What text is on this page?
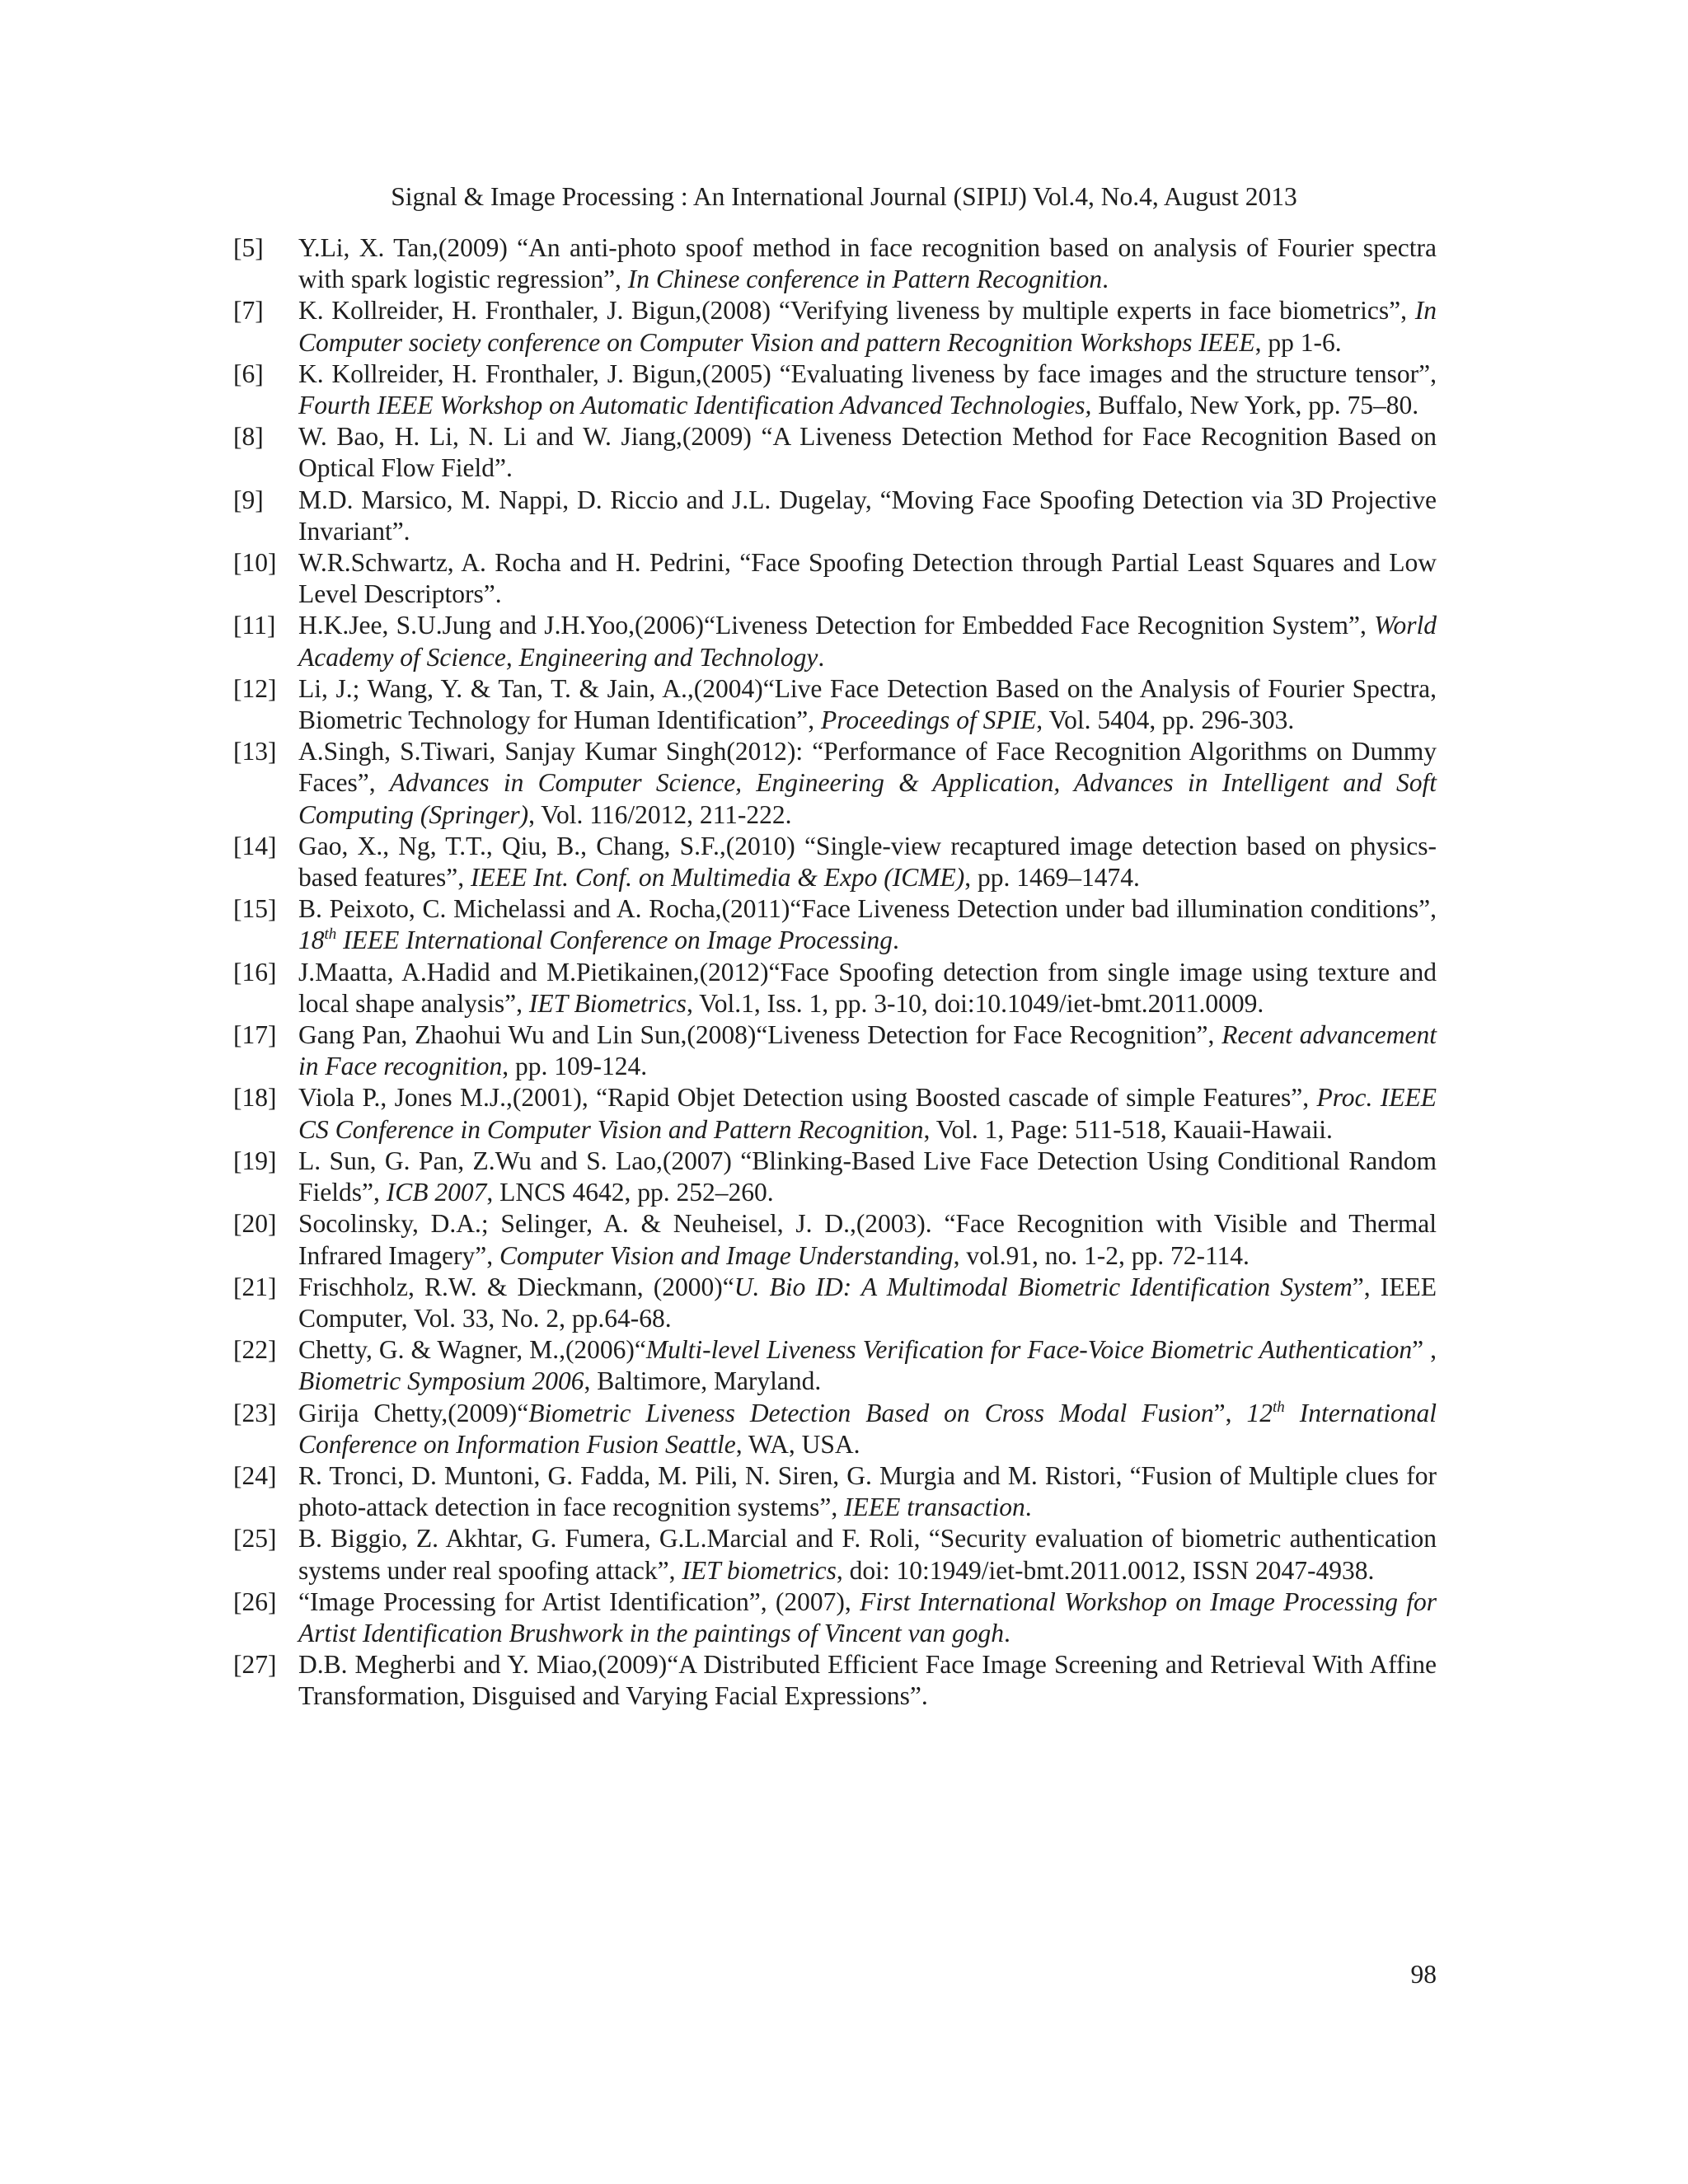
Signal & Image Processing : An International Journal (SIPIJ) Vol.4, No.4, August 2013
[5]	Y.Li, X. Tan,(2009) “An anti-photo spoof method in face recognition based on analysis of Fourier spectra with spark logistic regression”, In Chinese conference in Pattern Recognition.
[7]	K. Kollreider, H. Fronthaler, J. Bigun,(2008) “Verifying liveness by multiple experts in face biometrics”, In Computer society conference on Computer Vision and pattern Recognition Workshops IEEE, pp 1-6.
[6]	K. Kollreider, H. Fronthaler, J. Bigun,(2005) “Evaluating liveness by face images and the structure tensor”, Fourth IEEE Workshop on Automatic Identification Advanced Technologies, Buffalo, New York, pp. 75–80.
[8]	W. Bao, H. Li, N. Li and W. Jiang,(2009) “A Liveness Detection Method for Face Recognition Based on Optical Flow Field”.
[9]	M.D. Marsico, M. Nappi, D. Riccio and J.L. Dugelay, “Moving Face Spoofing Detection via 3D Projective Invariant”.
[10] W.R.Schwartz, A. Rocha and H. Pedrini, “Face Spoofing Detection through Partial Least Squares and Low Level Descriptors”.
[11] H.K.Jee, S.U.Jung and J.H.Yoo,(2006)“Liveness Detection for Embedded Face Recognition System”, World Academy of Science, Engineering and Technology.
[12] Li, J.; Wang, Y. & Tan, T. & Jain, A.,(2004)“Live Face Detection Based on the Analysis of Fourier Spectra, Biometric Technology for Human Identification”, Proceedings of SPIE, Vol. 5404, pp. 296-303.
[13] A.Singh, S.Tiwari, Sanjay Kumar Singh(2012): “Performance of Face Recognition Algorithms on Dummy Faces”, Advances in Computer Science, Engineering & Application, Advances in Intelligent and Soft Computing (Springer), Vol. 116/2012, 211-222.
[14] Gao, X., Ng, T.T., Qiu, B., Chang, S.F.,(2010) “Single-view recaptured image detection based on physics-based features”, IEEE Int. Conf. on Multimedia & Expo (ICME), pp. 1469–1474.
[15] B. Peixoto, C. Michelassi and A. Rocha,(2011)“Face Liveness Detection under bad illumination conditions”, 18th IEEE International Conference on Image Processing.
[16] J.Maatta, A.Hadid and M.Pietikainen,(2012)“Face Spoofing detection from single image using texture and local shape analysis”, IET Biometrics, Vol.1, Iss. 1, pp. 3-10, doi:10.1049/iet-bmt.2011.0009.
[17] Gang Pan, Zhaohui Wu and Lin Sun,(2008)“Liveness Detection for Face Recognition”, Recent advancement in Face recognition, pp. 109-124.
[18] Viola P., Jones M.J.,(2001), “Rapid Objet Detection using Boosted cascade of simple Features”, Proc. IEEE CS Conference in Computer Vision and Pattern Recognition, Vol. 1, Page: 511-518, Kauaii-Hawaii.
[19] L. Sun, G. Pan, Z.Wu and S. Lao,(2007) “Blinking-Based Live Face Detection Using Conditional Random Fields”, ICB 2007, LNCS 4642, pp. 252–260.
[20] Socolinsky, D.A.; Selinger, A. & Neuheisel, J. D.,(2003). “Face Recognition with Visible and Thermal Infrared Imagery”, Computer Vision and Image Understanding, vol.91, no. 1-2, pp. 72-114.
[21] Frischholz, R.W. & Dieckmann, (2000)“U. Bio ID: A Multimodal Biometric Identification System”, IEEE Computer, Vol. 33, No. 2, pp.64-68.
[22] Chetty, G. & Wagner, M.,(2006)“Multi-level Liveness Verification for Face-Voice Biometric Authentication” , Biometric Symposium 2006, Baltimore, Maryland.
[23] Girija Chetty,(2009)“Biometric Liveness Detection Based on Cross Modal Fusion”, 12th International Conference on Information Fusion Seattle, WA, USA.
[24] R. Tronci, D. Muntoni, G. Fadda, M. Pili, N. Siren, G. Murgia and M. Ristori, “Fusion of Multiple clues for photo-attack detection in face recognition systems”, IEEE transaction.
[25] B. Biggio, Z. Akhtar, G. Fumera, G.L.Marcial and F. Roli, “Security evaluation of biometric authentication systems under real spoofing attack”, IET biometrics, doi: 10:1949/iet-bmt.2011.0012, ISSN 2047-4938.
[26] “Image Processing for Artist Identification”, (2007), First International Workshop on Image Processing for Artist Identification Brushwork in the paintings of Vincent van gogh.
[27] D.B. Megherbi and Y. Miao,(2009)“A Distributed Efficient Face Image Screening and Retrieval With Affine Transformation, Disguised and Varying Facial Expressions”.
98
